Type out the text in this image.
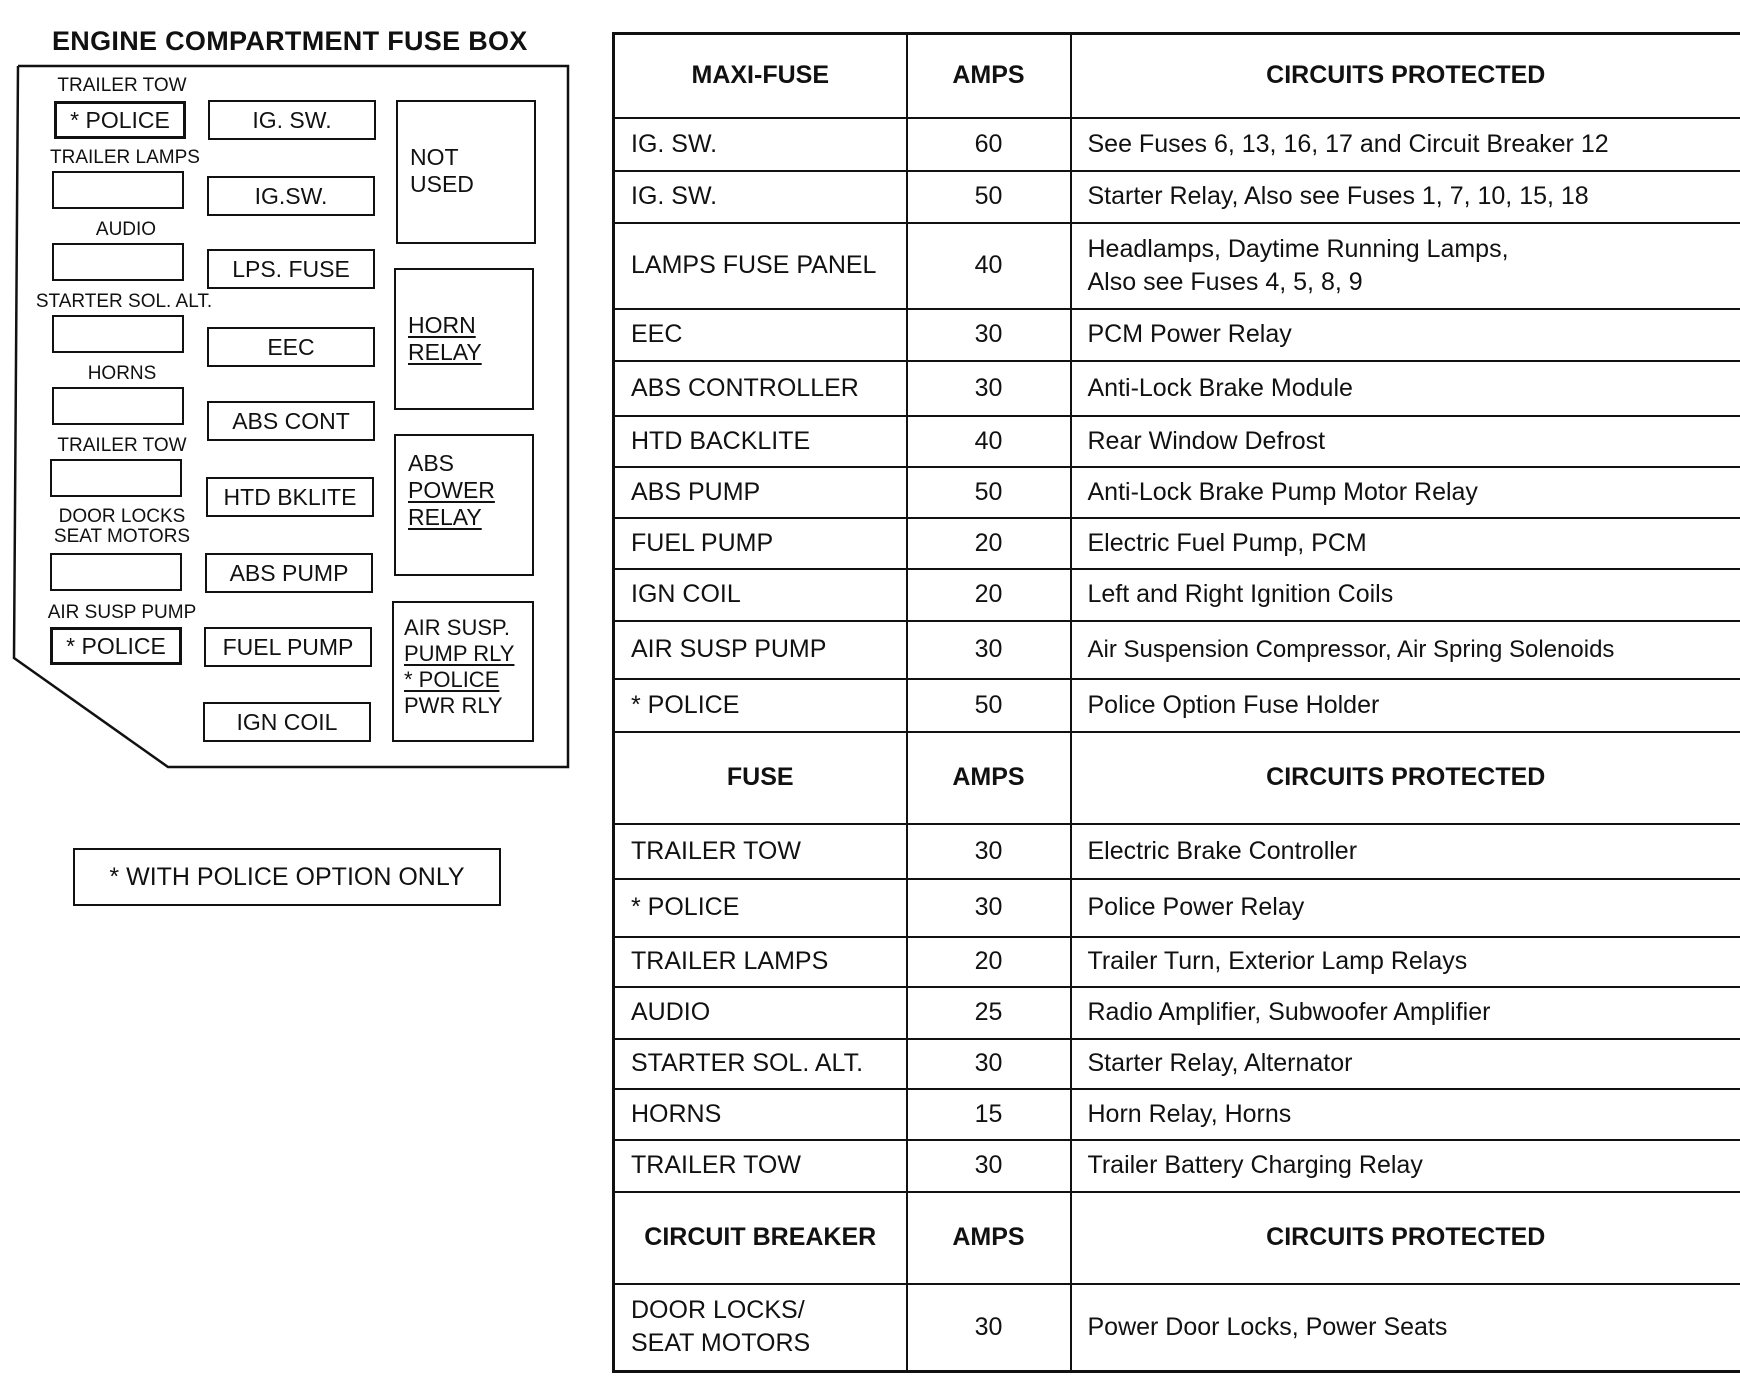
ENGINE COMPARTMENT FUSE BOX
TRAILER TOW
TRAILER LAMPS
AUDIO
STARTER SOL. ALT.
HORNS
TRAILER TOW
DOOR LOCKS
SEAT MOTORS
AIR SUSP PUMP
* POLICE
* POLICE
IG. SW.
IG.SW.
LPS. FUSE
EEC
ABS CONT
HTD BKLITE
ABS PUMP
FUEL PUMP
IGN COIL
NOT
USED
HORN
RELAY
ABS
POWER
RELAY
AIR SUSP.
PUMP RLY
* POLICE
PWR RLY
* WITH POLICE OPTION ONLY
MAXI-FUSE	AMPS	CIRCUITS PROTECTED
IG. SW.	60	See Fuses 6, 13, 16, 17 and Circuit Breaker 12
IG. SW.	50	Starter Relay, Also see Fuses 1, 7, 10, 15, 18
LAMPS FUSE PANEL	40	Headlamps, Daytime Running Lamps,
Also see Fuses 4, 5, 8, 9

EEC	30	PCM Power Relay
ABS CONTROLLER	30	Anti-Lock Brake Module
HTD BACKLITE	40	Rear Window Defrost
ABS PUMP	50	Anti-Lock Brake Pump Motor Relay
FUEL PUMP	20	Electric Fuel Pump, PCM
IGN COIL	20	Left and Right Ignition Coils
AIR SUSP PUMP	30	Air Suspension Compressor, Air Spring Solenoids
* POLICE	50	Police Option Fuse Holder
FUSE	AMPS	CIRCUITS PROTECTED
TRAILER TOW	30	Electric Brake Controller
* POLICE	30	Police Power Relay
TRAILER LAMPS	20	Trailer Turn, Exterior Lamp Relays
AUDIO	25	Radio Amplifier, Subwoofer Amplifier
STARTER SOL. ALT.	30	Starter Relay, Alternator
HORNS	15	Horn Relay, Horns
TRAILER TOW	30	Trailer Battery Charging Relay
CIRCUIT BREAKER	AMPS	CIRCUITS PROTECTED

DOOR LOCKS/
SEAT MOTORS	30	Power Door Locks, Power Seats
